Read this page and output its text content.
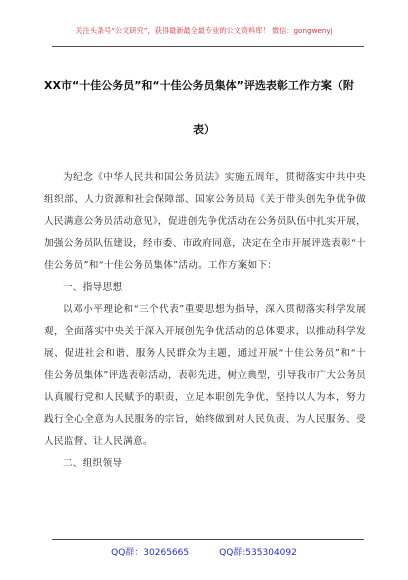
关注头条号“公文研究”，获得最新最全最专业的公文资料库！ 微信：gongwenyj
XX市“十佳公务员”和“十佳公务员集体”评选表彰工作方案（附
表）

为纪念《中华人民共和国公务员法》实施五周年，贯彻落实中共中央组织部、人力资源和社会保障部、国家公务员局《关于带头创先争优争做人民满意公务员活动意见》，促进创先争优活动在公务员队伍中扎实开展，加强公务员队伍建设，经市委、市政府同意，决定在全市开展评选表彰“十佳公务员”和“十佳公务员集体”活动。工作方案如下：

一、指导思想

以邓小平理论和“三个代表”重要思想为指导，深入贯彻落实科学发展观，全面落实中央关于深入开展创先争优活动的总体要求，以推动科学发展、促进社会和谐、服务人民群众为主题，通过开展“十佳公务员”和“十佳公务员集体”评选表彰活动，表彰先进，树立典型，引导我市广大公务员认真履行党和人民赋予的职责，立足本职创先争优，坚持以人为本，努力践行全心全意为人民服务的宗旨，始终做到对人民负责、为人民服务、受人民监督、让人民满意。

二、组织领导

QQ群：30265665	QQ群:535304092
